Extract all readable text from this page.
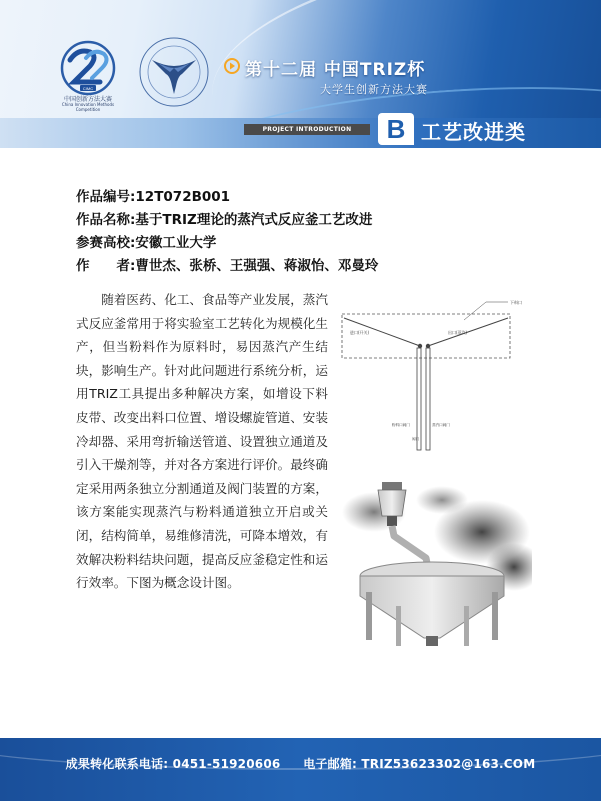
CIMC
中国创新方法大赛
China Innovation Methods Competition
第十二届 中国TRIZ杯
大学生创新方法大赛
PROJECT INTRODUCTION	B 工艺改进类
作品编号:12T072B001
作品名称:基于TRIZ理论的蒸汽式反应釜工艺改进
参赛高校:安徽工业大学
作　　者:曹世杰、张桥、王强强、蒋淑怡、邓曼玲
随着医药、化工、食品等产业发展，蒸汽式反应釜常用于将实验室工艺转化为规模化生产，但当粉料作为原料时，易因蒸汽产生结块，影响生产。针对此问题进行系统分析，运用TRIZ工具提出多种解决方案，如增设下料皮带、改变出料口位置、增设螺旋管道、安装冷却器、采用弯折输送管道、设置独立通道及引入干燥剂等，并对各方案进行评价。最终确定采用两条独立分割通道及阀门装置的方案，该方案能实现蒸汽与粉料通道独立开启或关闭，结构简单，易维修清洗，可降本增效，有效解决粉料结块问题，提高反应釜稳定性和运行效率。下图为概念设计图。
下料口
进口(开关)	出口(蒸汽)
粉料口阀门	蒸汽口阀门
阀门
成果转化联系电话: 0451-51920606 电子邮箱: TRIZ53623302@163.COM
